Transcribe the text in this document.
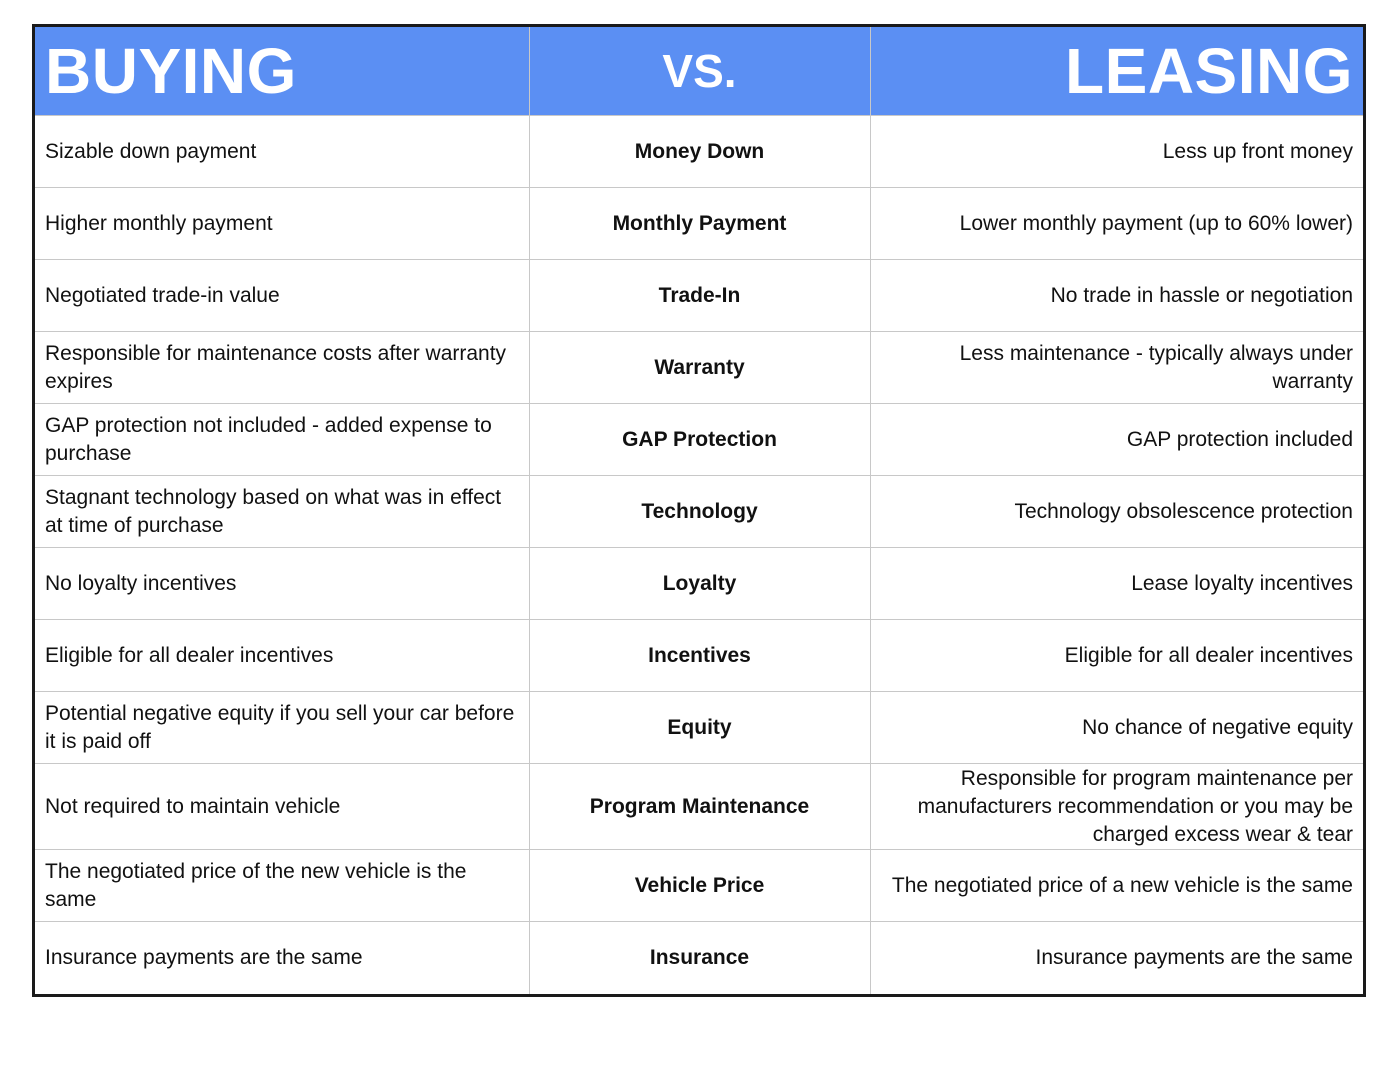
BUYING	VS.	LEASING
Sizable down payment	Money Down	Less up front money
Higher monthly payment	Monthly Payment	Lower monthly payment (up to 60% lower)
Negotiated trade-in value	Trade-In	No trade in hassle or negotiation
Responsible for maintenance costs after warranty expires	Warranty	Less maintenance - typically always under warranty
GAP protection not included - added expense to purchase	GAP Protection	GAP protection included
Stagnant technology based on what was in effect at time of purchase	Technology	Technology obsolescence protection
No loyalty incentives	Loyalty	Lease loyalty incentives
Eligible for all dealer incentives	Incentives	Eligible for all dealer incentives
Potential negative equity if you sell your car before it is paid off	Equity	No chance of negative equity
Not required to maintain vehicle	Program Maintenance	Responsible for program maintenance per manufacturers recommendation or you may be charged excess wear & tear
The negotiated price of the new vehicle is the same	Vehicle Price	The negotiated price of a new vehicle is the same
Insurance payments are the same	Insurance	Insurance payments are the same
